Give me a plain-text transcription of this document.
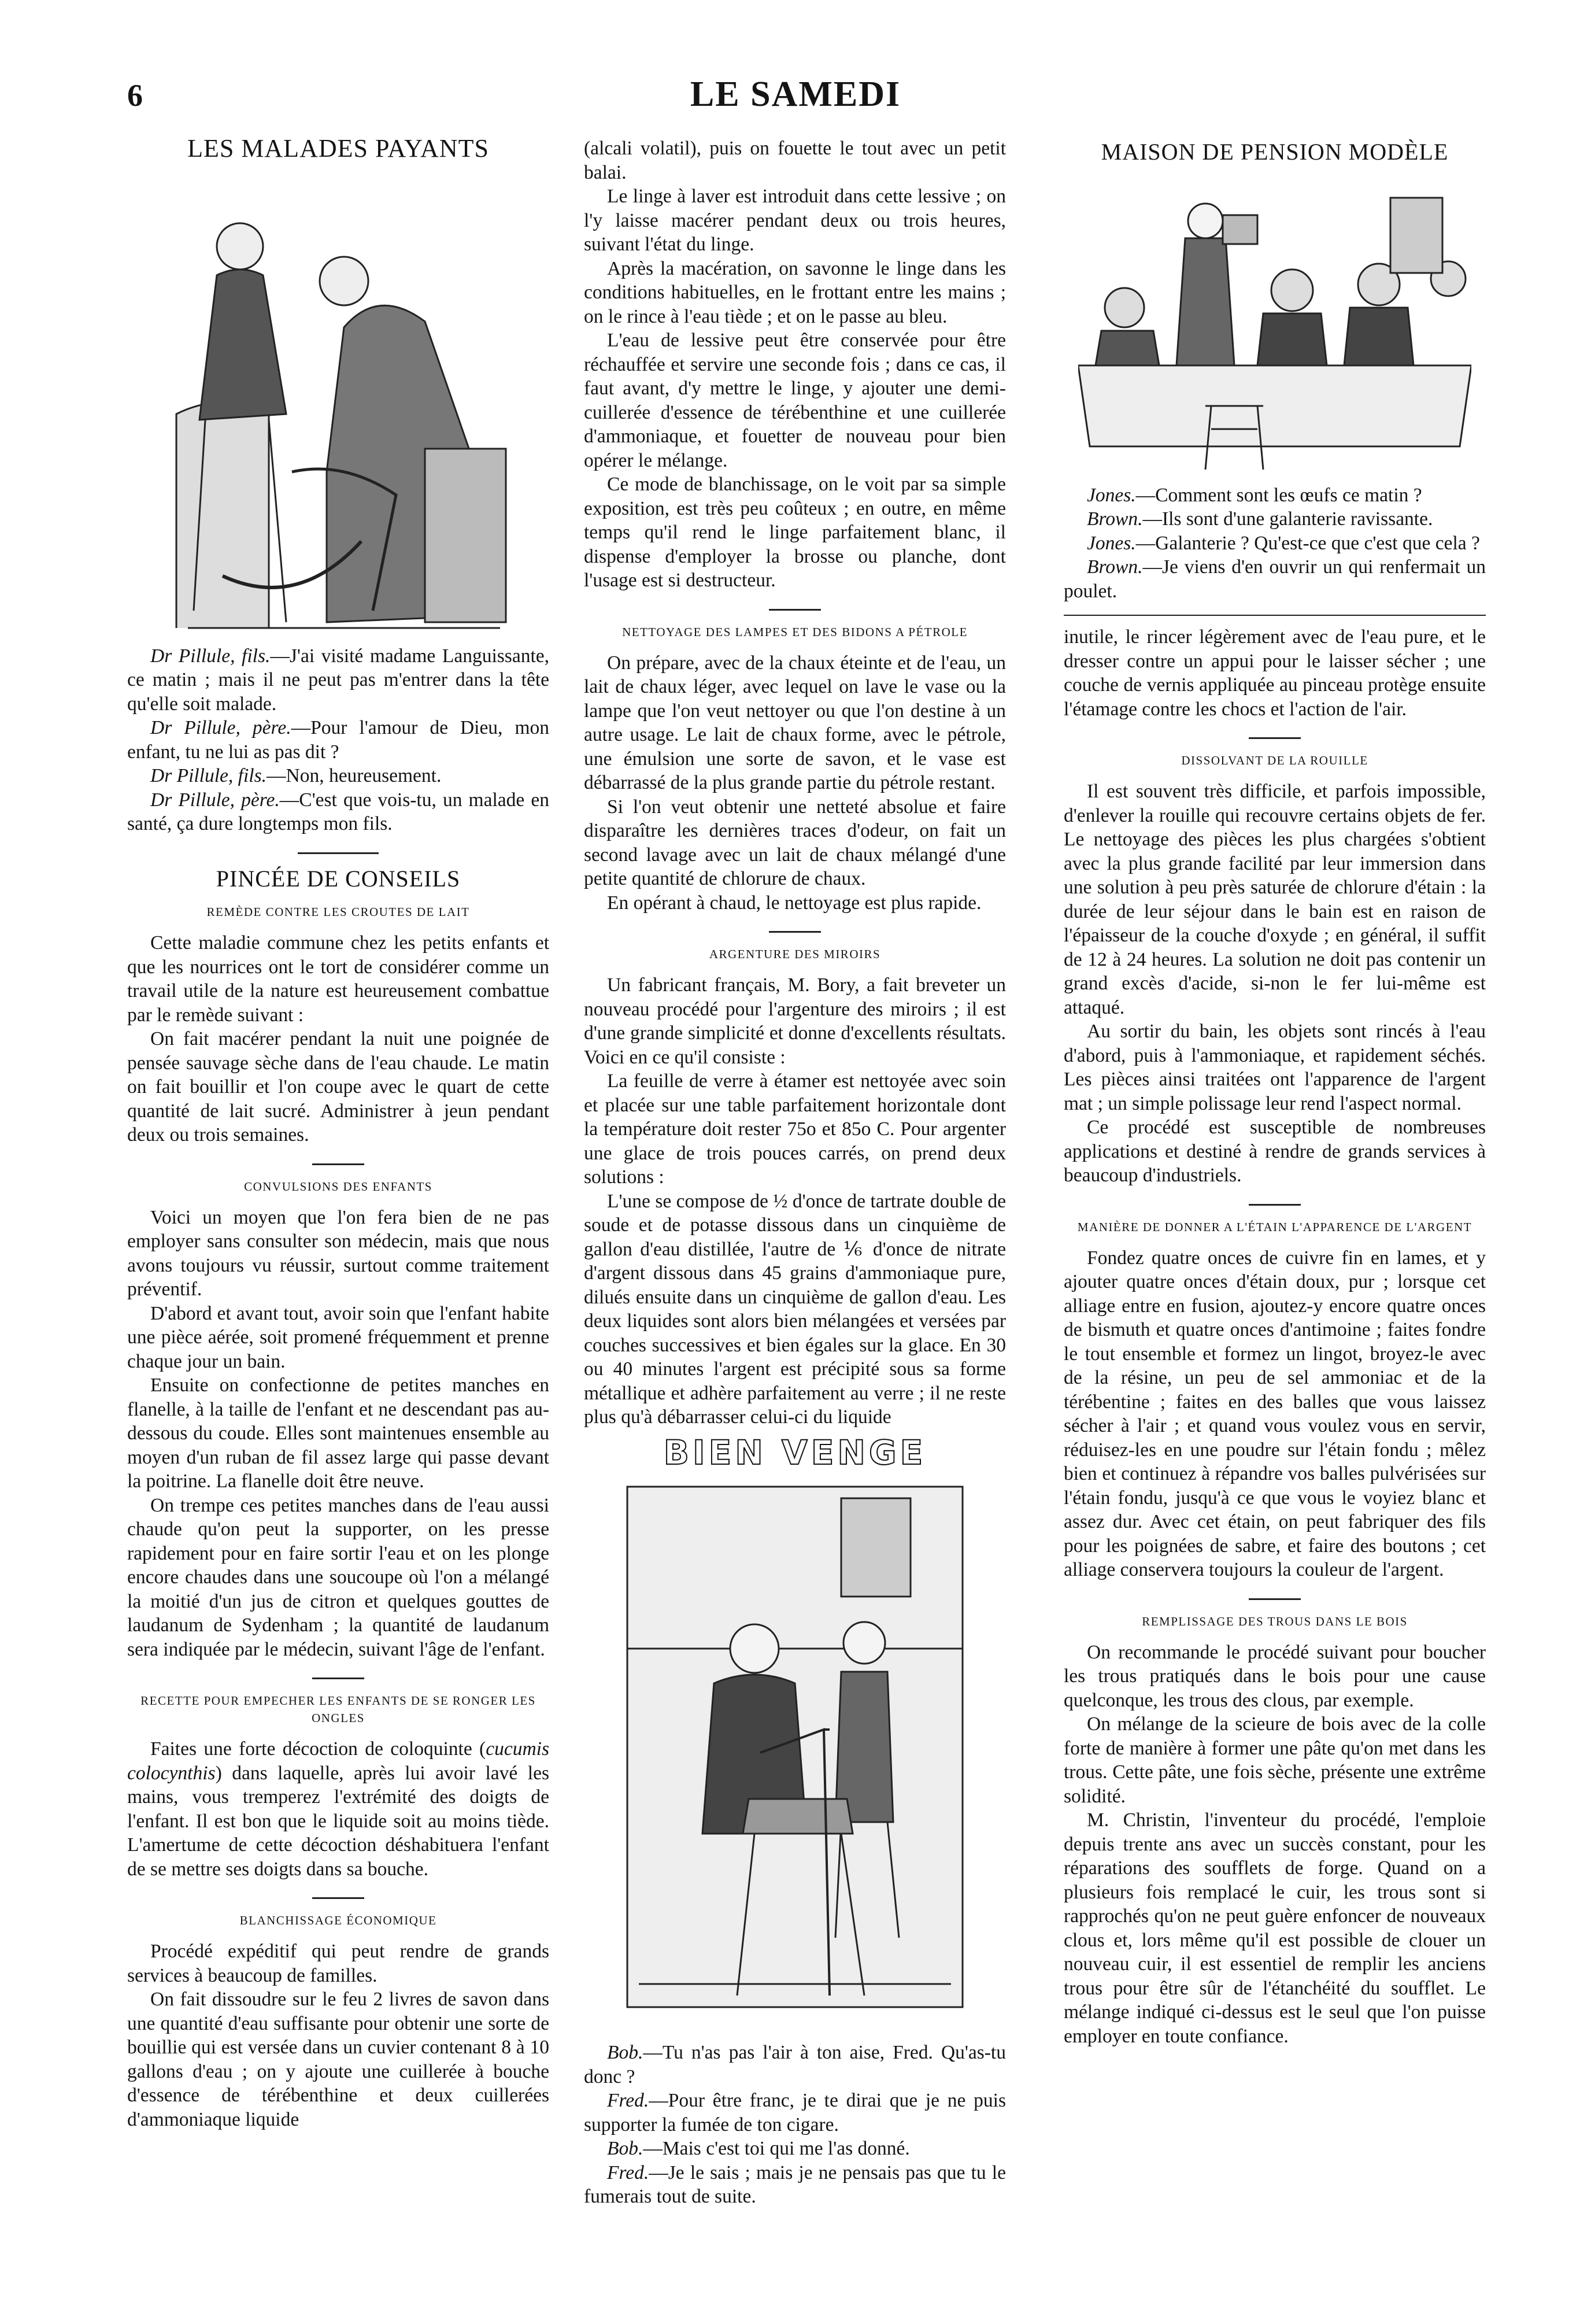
6	LE SAMEDI
LES MALADES PAYANTS

Dr Pillule, fils.—J'ai visité madame Languissante, ce matin ; mais il ne peut pas m'entrer dans la tête qu'elle soit malade.

Dr Pillule, père.—Pour l'amour de Dieu, mon enfant, tu ne lui as pas dit ?

Dr Pillule, fils.—Non, heureusement.

Dr Pillule, père.—C'est que vois-tu, un malade en santé, ça dure longtemps mon fils.

PINCÉE DE CONSEILS
REMÈDE CONTRE LES CROUTES DE LAIT

Cette maladie commune chez les petits enfants et que les nourrices ont le tort de considérer comme un travail utile de la nature est heureusement combattue par le remède suivant :

On fait macérer pendant la nuit une poignée de pensée sauvage sèche dans de l'eau chaude. Le matin on fait bouillir et l'on coupe avec le quart de cette quantité de lait sucré. Administrer à jeun pendant deux ou trois semaines.

CONVULSIONS DES ENFANTS

Voici un moyen que l'on fera bien de ne pas employer sans consulter son médecin, mais que nous avons toujours vu réussir, surtout comme traitement préventif.

D'abord et avant tout, avoir soin que l'enfant habite une pièce aérée, soit promené fréquemment et prenne chaque jour un bain.

Ensuite on confectionne de petites manches en flanelle, à la taille de l'enfant et ne descendant pas au-dessous du coude. Elles sont maintenues ensemble au moyen d'un ruban de fil assez large qui passe devant la poitrine. La flanelle doit être neuve.

On trempe ces petites manches dans de l'eau aussi chaude qu'on peut la supporter, on les presse rapidement pour en faire sortir l'eau et on les plonge encore chaudes dans une soucoupe où l'on a mélangé la moitié d'un jus de citron et quelques gouttes de laudanum de Sydenham ; la quantité de laudanum sera indiquée par le médecin, suivant l'âge de l'enfant.

RECETTE POUR EMPECHER LES ENFANTS DE SE RONGER LES ONGLES

Faites une forte décoction de coloquinte (cucumis colocynthis) dans laquelle, après lui avoir lavé les mains, vous tremperez l'extrémité des doigts de l'enfant. Il est bon que le liquide soit au moins tiède. L'amertume de cette décoction déshabituera l'enfant de se mettre ses doigts dans sa bouche.

BLANCHISSAGE ÉCONOMIQUE

Procédé expéditif qui peut rendre de grands services à beaucoup de familles.

On fait dissoudre sur le feu 2 livres de savon dans une quantité d'eau suffisante pour obtenir une sorte de bouillie qui est versée dans un cuvier contenant 8 à 10 gallons d'eau ; on y ajoute une cuillerée à bouche d'essence de térébenthine et deux cuillerées d'ammoniaque liquide

(alcali volatil), puis on fouette le tout avec un petit balai.

Le linge à laver est introduit dans cette lessive ; on l'y laisse macérer pendant deux ou trois heures, suivant l'état du linge.

Après la macération, on savonne le linge dans les conditions habituelles, en le frottant entre les mains ; on le rince à l'eau tiède ; et on le passe au bleu.

L'eau de lessive peut être conservée pour être réchauffée et servire une seconde fois ; dans ce cas, il faut avant, d'y mettre le linge, y ajouter une demi-cuillerée d'essence de térébenthine et une cuillerée d'ammoniaque, et fouetter de nouveau pour bien opérer le mélange.

Ce mode de blanchissage, on le voit par sa simple exposition, est très peu coûteux ; en outre, en même temps qu'il rend le linge parfaitement blanc, il dispense d'employer la brosse ou planche, dont l'usage est si destructeur.

NETTOYAGE DES LAMPES ET DES BIDONS A PÉTROLE

On prépare, avec de la chaux éteinte et de l'eau, un lait de chaux léger, avec lequel on lave le vase ou la lampe que l'on veut nettoyer ou que l'on destine à un autre usage. Le lait de chaux forme, avec le pétrole, une émulsion une sorte de savon, et le vase est débarrassé de la plus grande partie du pétrole restant.

Si l'on veut obtenir une netteté absolue et faire disparaître les dernières traces d'odeur, on fait un second lavage avec un lait de chaux mélangé d'une petite quantité de chlorure de chaux.

En opérant à chaud, le nettoyage est plus rapide.

ARGENTURE DES MIROIRS

Un fabricant français, M. Bory, a fait breveter un nouveau procédé pour l'argenture des miroirs ; il est d'une grande simplicité et donne d'excellents résultats. Voici en ce qu'il consiste :

La feuille de verre à étamer est nettoyée avec soin et placée sur une table parfaitement horizontale dont la température doit rester 75o et 85o C. Pour argenter une glace de trois pouces carrés, on prend deux solutions :

L'une se compose de ½ d'once de tartrate double de soude et de potasse dissous dans un cinquième de gallon d'eau distillée, l'autre de ⅙ d'once de nitrate d'argent dissous dans 45 grains d'ammoniaque pure, dilués ensuite dans un cinquième de gallon d'eau. Les deux liquides sont alors bien mélangées et versées par couches successives et bien égales sur la glace. En 30 ou 40 minutes l'argent est précipité sous sa forme métallique et adhère parfaitement au verre ; il ne reste plus qu'à débarrasser celui-ci du liquide

BIEN VENGE

Bob.—Tu n'as pas l'air à ton aise, Fred. Qu'as-tu donc ?

Fred.—Pour être franc, je te dirai que je ne puis supporter la fumée de ton cigare.

Bob.—Mais c'est toi qui me l'as donné.

Fred.—Je le sais ; mais je ne pensais pas que tu le fumerais tout de suite.

MAISON DE PENSION MODÈLE

Jones.—Comment sont les œufs ce matin ?

Brown.—Ils sont d'une galanterie ravissante.

Jones.—Galanterie ? Qu'est-ce que c'est que cela ?

Brown.—Je viens d'en ouvrir un qui renfermait un poulet.

inutile, le rincer légèrement avec de l'eau pure, et le dresser contre un appui pour le laisser sécher ; une couche de vernis appliquée au pinceau protège ensuite l'étamage contre les chocs et l'action de l'air.

DISSOLVANT DE LA ROUILLE

Il est souvent très difficile, et parfois impossible, d'enlever la rouille qui recouvre certains objets de fer. Le nettoyage des pièces les plus chargées s'obtient avec la plus grande facilité par leur immersion dans une solution à peu près saturée de chlorure d'étain : la durée de leur séjour dans le bain est en raison de l'épaisseur de la couche d'oxyde ; en général, il suffit de 12 à 24 heures. La solution ne doit pas contenir un grand excès d'acide, si-non le fer lui-même est attaqué.

Au sortir du bain, les objets sont rincés à l'eau d'abord, puis à l'ammoniaque, et rapidement séchés. Les pièces ainsi traitées ont l'apparence de l'argent mat ; un simple polissage leur rend l'aspect normal.

Ce procédé est susceptible de nombreuses applications et destiné à rendre de grands services à beaucoup d'industriels.

MANIÈRE DE DONNER A L'ÉTAIN L'APPARENCE DE L'ARGENT

Fondez quatre onces de cuivre fin en lames, et y ajouter quatre onces d'étain doux, pur ; lorsque cet alliage entre en fusion, ajoutez-y encore quatre onces de bismuth et quatre onces d'antimoine ; faites fondre le tout ensemble et formez un lingot, broyez-le avec de la résine, un peu de sel ammoniac et de la térébentine ; faites en des balles que vous laissez sécher à l'air ; et quand vous voulez vous en servir, réduisez-les en une poudre sur l'étain fondu ; mêlez bien et continuez à répandre vos balles pulvérisées sur l'étain fondu, jusqu'à ce que vous le voyiez blanc et assez dur. Avec cet étain, on peut fabriquer des fils pour les poignées de sabre, et faire des boutons ; cet alliage conservera toujours la couleur de l'argent.

REMPLISSAGE DES TROUS DANS LE BOIS

On recommande le procédé suivant pour boucher les trous pratiqués dans le bois pour une cause quelconque, les trous des clous, par exemple.

On mélange de la scieure de bois avec de la colle forte de manière à former une pâte qu'on met dans les trous. Cette pâte, une fois sèche, présente une extrême solidité.

M. Christin, l'inventeur du procédé, l'emploie depuis trente ans avec un succès constant, pour les réparations des soufflets de forge. Quand on a plusieurs fois remplacé le cuir, les trous sont si rapprochés qu'on ne peut guère enfoncer de nouveaux clous et, lors même qu'il est possible de clouer un nouveau cuir, il est essentiel de remplir les anciens trous pour être sûr de l'étanchéité du soufflet. Le mélange indiqué ci-dessus est le seul que l'on puisse employer en toute confiance.
